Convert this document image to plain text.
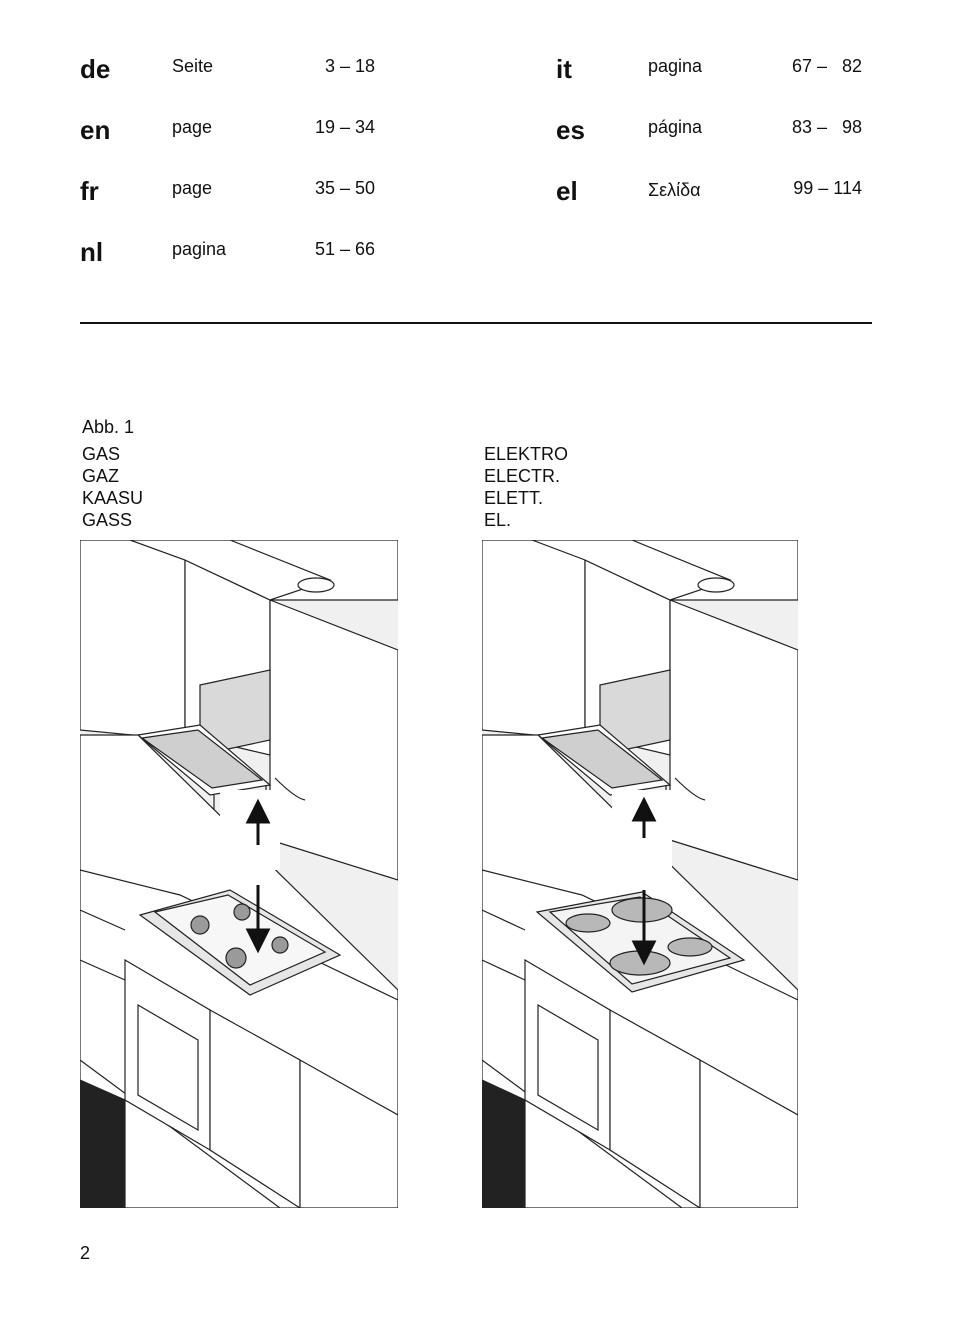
de	Seite	3 – 18
en	page	19 – 34
fr	page	35 – 50
nl	pagina	51 – 66
it	pagina	67 –   82
es	página	83 –   98
el	Σελίδα	99 – 114
Abb. 1
GAS
GAZ
KAASU
GASS
ELEKTRO
ELECTR.
ELETT.
EL.
2
